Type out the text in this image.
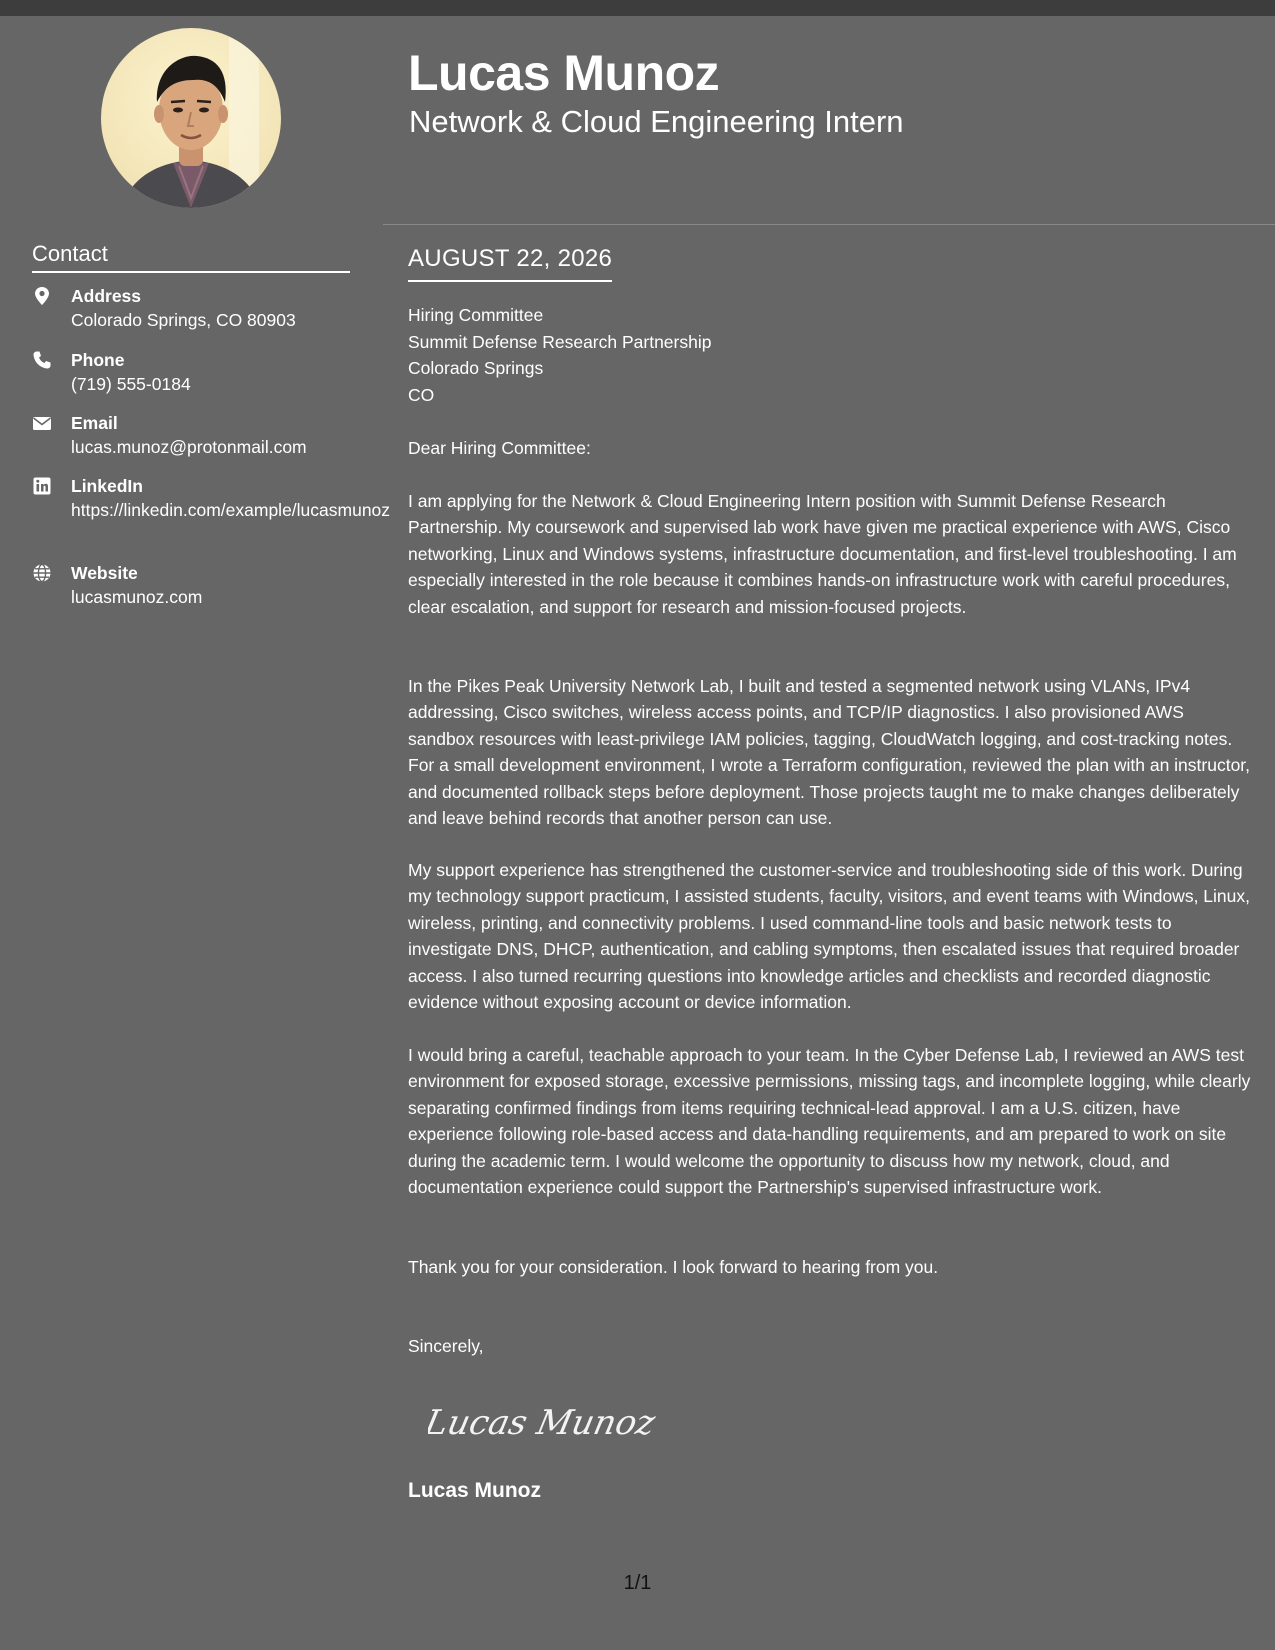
Contact
Address
Colorado Springs, CO 80903
Phone
(719) 555-0184
Email
lucas.munoz@protonmail.com
LinkedIn
https://linkedin.com/example/lucasmunoz
Website
lucasmunoz.com
Lucas Munoz
Network & Cloud Engineering Intern
AUGUST 22, 2026
Hiring Committee
Summit Defense Research Partnership
Colorado Springs
CO

Dear Hiring Committee:

I am applying for the Network & Cloud Engineering Intern position with Summit Defense Research Partnership. My coursework and supervised lab work have given me practical experience with AWS, Cisco networking, Linux and Windows systems, infrastructure documentation, and first-level troubleshooting. I am especially interested in the role because it combines hands-on infrastructure work with careful procedures, clear escalation, and support for research and mission-focused projects.

In the Pikes Peak University Network Lab, I built and tested a segmented network using VLANs, IPv4 addressing, Cisco switches, wireless access points, and TCP/IP diagnostics. I also provisioned AWS sandbox resources with least-privilege IAM policies, tagging, CloudWatch logging, and cost-tracking notes. For a small development environment, I wrote a Terraform configuration, reviewed the plan with an instructor, and documented rollback steps before deployment. Those projects taught me to make changes deliberately and leave behind records that another person can use.

My support experience has strengthened the customer-service and troubleshooting side of this work. During my technology support practicum, I assisted students, faculty, visitors, and event teams with Windows, Linux, wireless, printing, and connectivity problems. I used command-line tools and basic network tests to investigate DNS, DHCP, authentication, and cabling symptoms, then escalated issues that required broader access. I also turned recurring questions into knowledge articles and checklists and recorded diagnostic evidence without exposing account or device information.

I would bring a careful, teachable approach to your team. In the Cyber Defense Lab, I reviewed an AWS test environment for exposed storage, excessive permissions, missing tags, and incomplete logging, while clearly separating confirmed findings from items requiring technical-lead approval. I am a U.S. citizen, have experience following role-based access and data-handling requirements, and am prepared to work on site during the academic term. I would welcome the opportunity to discuss how my network, cloud, and documentation experience could support the Partnership's supervised infrastructure work.

Thank you for your consideration. I look forward to hearing from you.

Sincerely,

Lucas Munoz
Lucas Munoz
1/1
